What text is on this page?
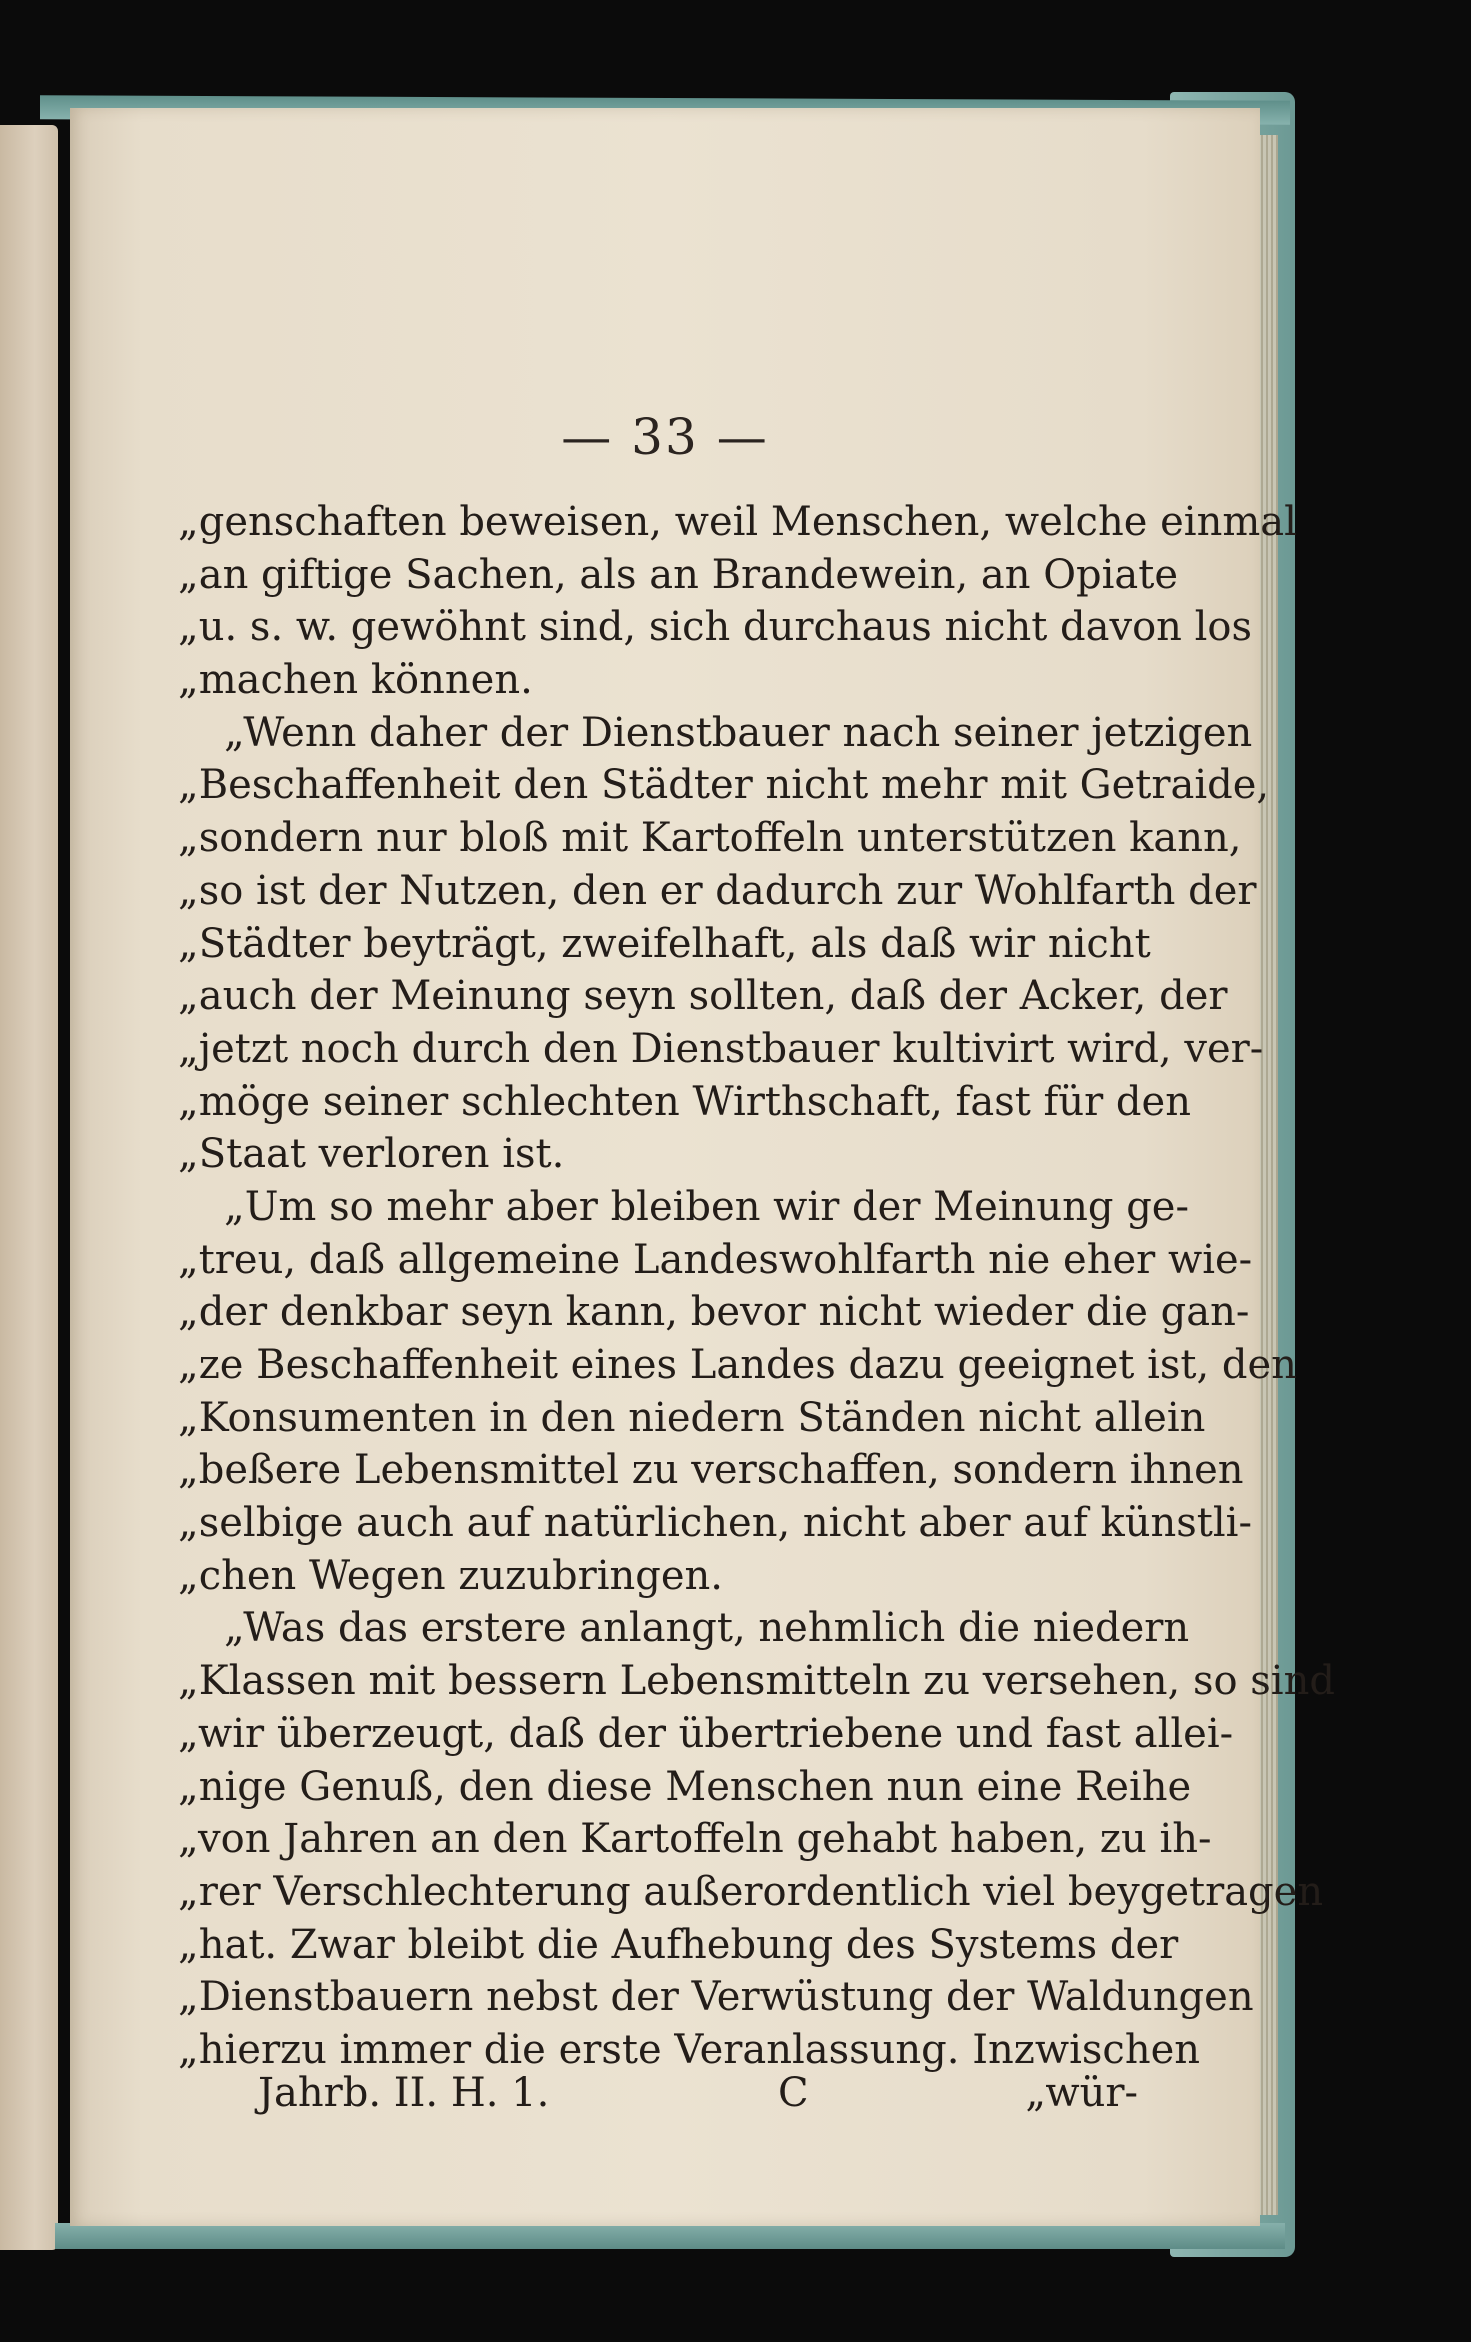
— 33 —
„genschaften beweisen, weil Menschen, welche einmal
„an giftige Sachen, als an Brandewein, an Opiate
„u. s. w. gewöhnt sind, sich durchaus nicht davon los
„machen können.
„Wenn daher der Dienstbauer nach seiner jetzigen
„Beschaffenheit den Städter nicht mehr mit Getraide,
„sondern nur bloß mit Kartoffeln unterstützen kann,
„so ist der Nutzen, den er dadurch zur Wohlfarth der
„Städter beyträgt, zweifelhaft, als daß wir nicht
„auch der Meinung seyn sollten, daß der Acker, der
„jetzt noch durch den Dienstbauer kultivirt wird, ver-
„möge seiner schlechten Wirthschaft, fast für den
„Staat verloren ist.
„Um so mehr aber bleiben wir der Meinung ge-
„treu, daß allgemeine Landeswohlfarth nie eher wie-
„der denkbar seyn kann, bevor nicht wieder die gan-
„ze Beschaffenheit eines Landes dazu geeignet ist, den
„Konsumenten in den niedern Ständen nicht allein
„beßere Lebensmittel zu verschaffen, sondern ihnen
„selbige auch auf natürlichen, nicht aber auf künstli-
„chen Wegen zuzubringen.
„Was das erstere anlangt, nehmlich die niedern
„Klassen mit bessern Lebensmitteln zu versehen, so sind
„wir überzeugt, daß der übertriebene und fast allei-
„nige Genuß, den diese Menschen nun eine Reihe
„von Jahren an den Kartoffeln gehabt haben, zu ih-
„rer Verschlechterung außerordentlich viel beygetragen
„hat. Zwar bleibt die Aufhebung des Systems der
„Dienstbauern nebst der Verwüstung der Waldungen
„hierzu immer die erste Veranlassung. Inzwischen
Jahrb. II. H. 1.	C	„wür-
